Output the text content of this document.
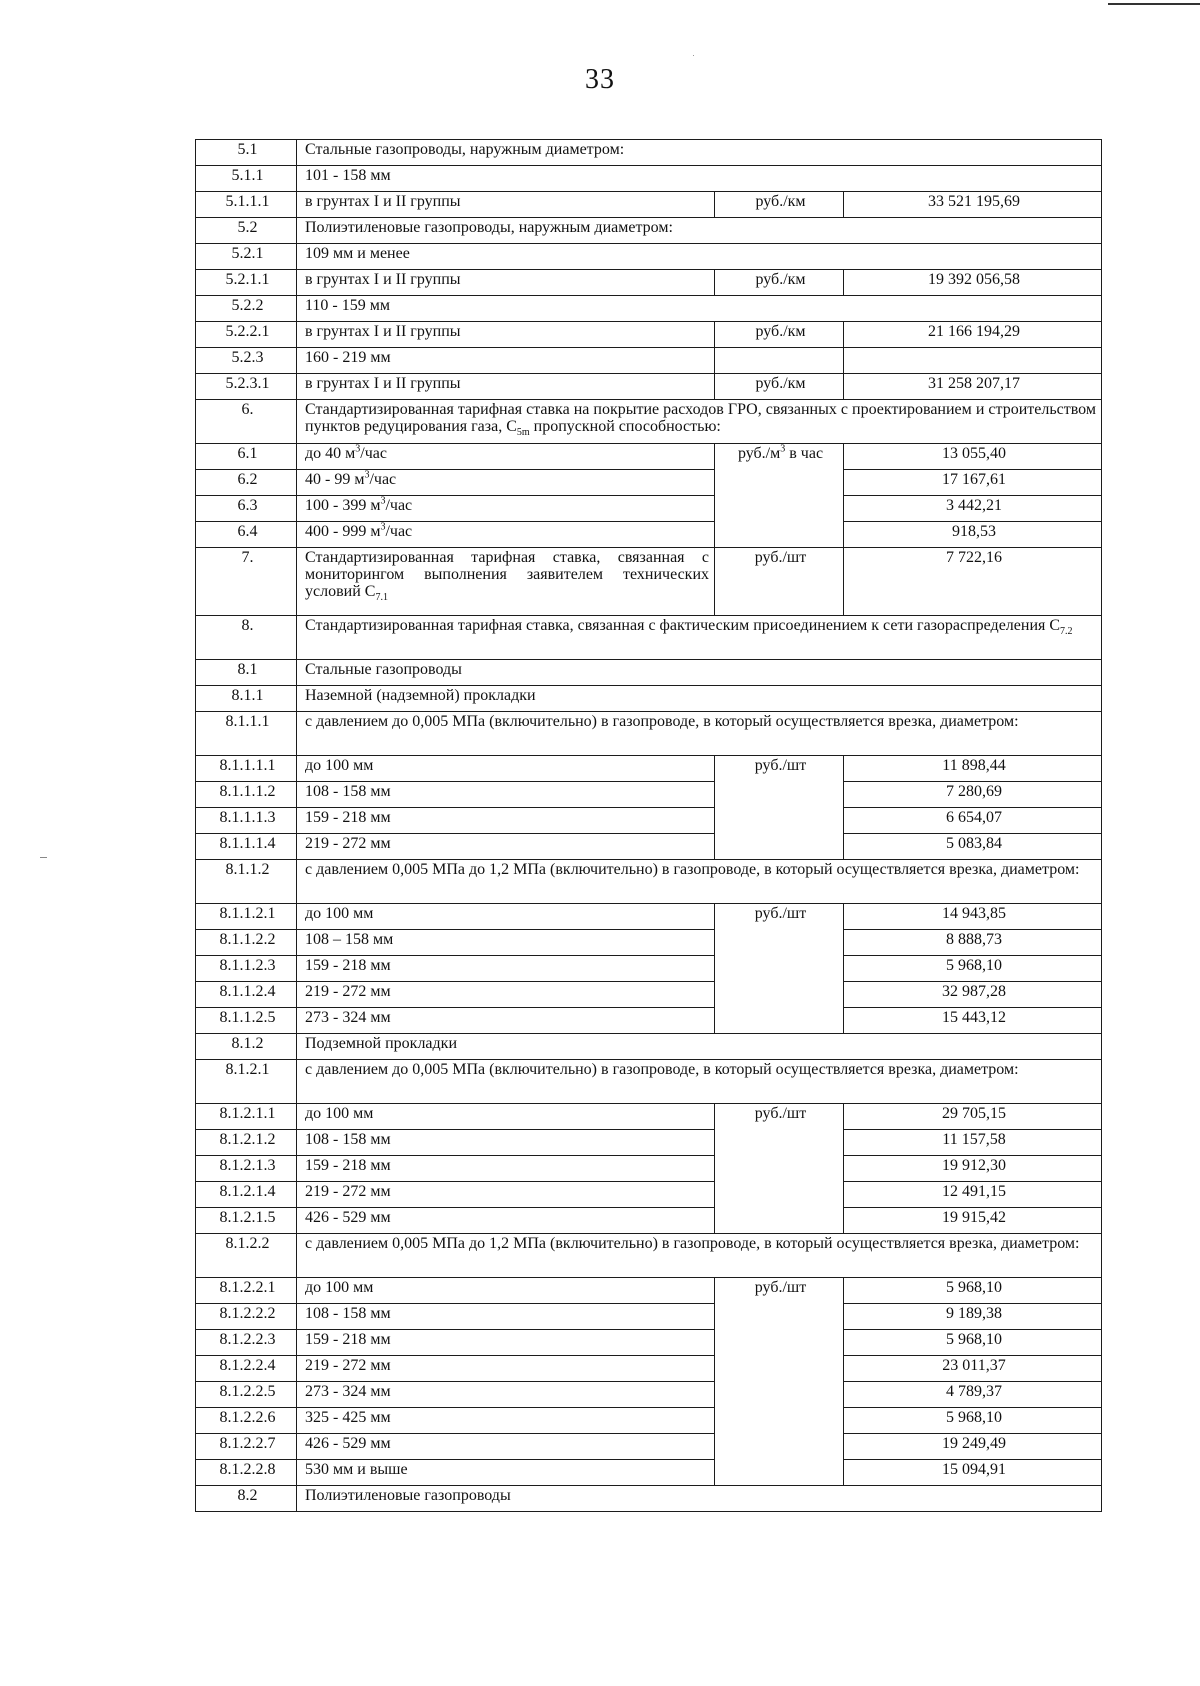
33
5.1	Стальные газопроводы, наружным диаметром:		
5.1.1	101 - 158 мм		
5.1.1.1	в грунтах I и II группы	руб./км	33 521 195,69
5.2	Полиэтиленовые газопроводы, наружным диаметром:		
5.2.1	109 мм и менее		
5.2.1.1	в грунтах I и II группы	руб./км	19 392 056,58
5.2.2	110 - 159 мм		
5.2.2.1	в грунтах I и II группы	руб./км	21 166 194,29
5.2.3	160 - 219 мм		
5.2.3.1	в грунтах I и II группы	руб./км	31 258 207,17
6.	Стандартизированная тарифная ставка на покрытие расходов ГРО, связанных с проектированием и строительством пунктов редуцирования газа, $C_{5m}$ пропускной способностью:		
6.1	до 40 $м^3$/час	$руб./м^3$ в час	13 055,40
6.2	40 - 99 $м^3$/час		17 167,61
6.3	100 - 399 $м^3$/час		3 442,21
6.4	400 - 999 $м^3$/час		918,53
7.	Стандартизированная тарифная ставка, связанная с мониторингом выполнения заявителем технических условий $C_{7.1}$	руб./шт	7 722,16
8.	Стандартизированная тарифная ставка, связанная с фактическим присоединением к сети газораспределения $C_{7.2}$
8.1	Стальные газопроводы		
8.1.1	Наземной (надземной) прокладки		
8.1.1.1	с давлением до 0,005 МПа (включительно) в газопроводе, в который осуществляется врезка, диаметром:		
8.1.1.1.1	до 100 мм	руб./шт	11 898,44
8.1.1.1.2	108 - 158 мм		7 280,69
8.1.1.1.3	159 - 218 мм		6 654,07
8.1.1.1.4	219 - 272 мм		5 083,84
8.1.1.2	с давлением 0,005 МПа до 1,2 МПа (включительно) в газопроводе, в который осуществляется врезка, диаметром:		
8.1.1.2.1	до 100 мм	руб./шт	14 943,85
8.1.1.2.2	108 – 158 мм		8 888,73
8.1.1.2.3	159 - 218 мм		5 968,10
8.1.1.2.4	219 - 272 мм		32 987,28
8.1.1.2.5	273 - 324 мм		15 443,12
8.1.2	Подземной прокладки		
8.1.2.1	с давлением до 0,005 МПа (включительно) в газопроводе, в который осуществляется врезка, диаметром:		
8.1.2.1.1	до 100 мм	руб./шт	29 705,15
8.1.2.1.2	108 - 158 мм		11 157,58
8.1.2.1.3	159 - 218 мм		19 912,30
8.1.2.1.4	219 - 272 мм		12 491,15
8.1.2.1.5	426 - 529 мм		19 915,42
8.1.2.2	с давлением 0,005 МПа до 1,2 МПа (включительно) в газопроводе, в который осуществляется врезка, диаметром:		
8.1.2.2.1	до 100 мм	руб./шт	5 968,10
8.1.2.2.2	108 - 158 мм		9 189,38
8.1.2.2.3	159 - 218 мм		5 968,10
8.1.2.2.4	219 - 272 мм		23 011,37
8.1.2.2.5	273 - 324 мм		4 789,37
8.1.2.2.6	325 - 425 мм		5 968,10
8.1.2.2.7	426 - 529 мм		19 249,49
8.1.2.2.8	530 мм и выше		15 094,91
8.2	Полиэтиленовые газопроводы		
